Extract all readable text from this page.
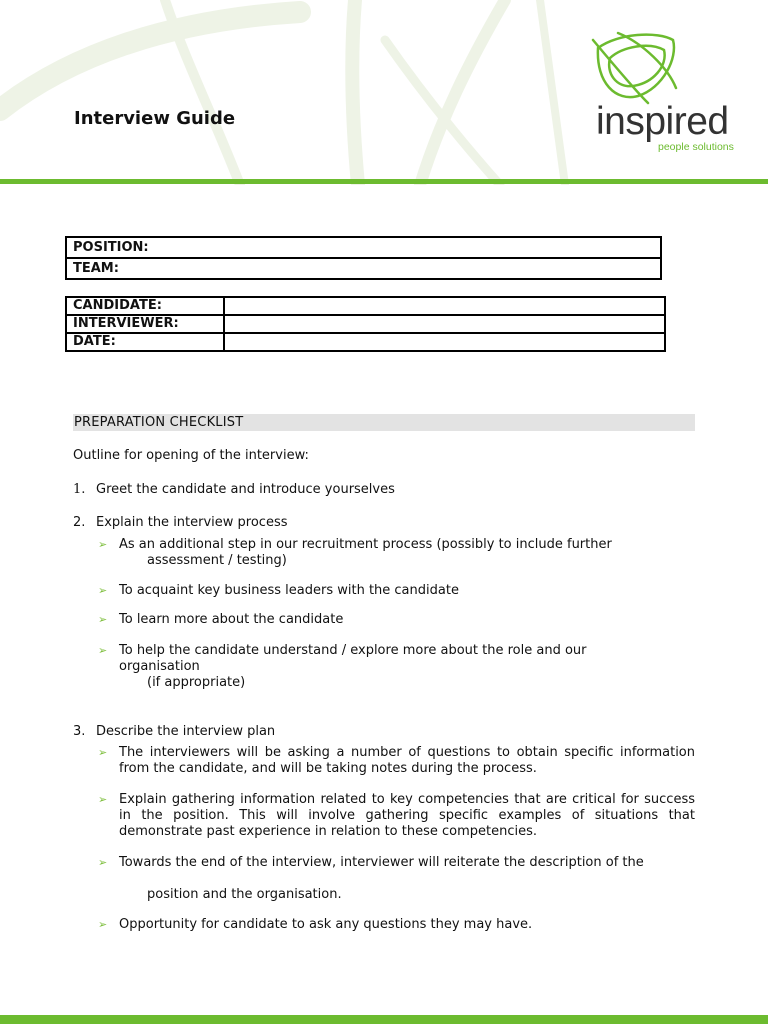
Interview Guide	inspired
people solutions
POSITION:
TEAM:
CANDIDATE:	
INTERVIEWER:	
DATE:	
PREPARATION CHECKLIST
Outline for opening of the interview:
1. Greet the candidate and introduce yourselves
2. Explain the interview process
➢ As an additional step in our recruitment process (possibly to include further
assessment / testing)
➢ To acquaint key business leaders with the candidate
➢ To learn more about the candidate
➢ To help the candidate understand / explore more about the role and our organisation
(if appropriate)
3. Describe the interview plan
➢ The interviewers will be asking a number of questions to obtain specific information from the candidate, and will be taking notes during the process.
➢ Explain gathering information related to key competencies that are critical for success in the position. This will involve gathering specific examples of situations that demonstrate past experience in relation to these competencies.
➢ Towards the end of the interview, interviewer will reiterate the description of the
position and the organisation.
➢ Opportunity for candidate to ask any questions they may have.
